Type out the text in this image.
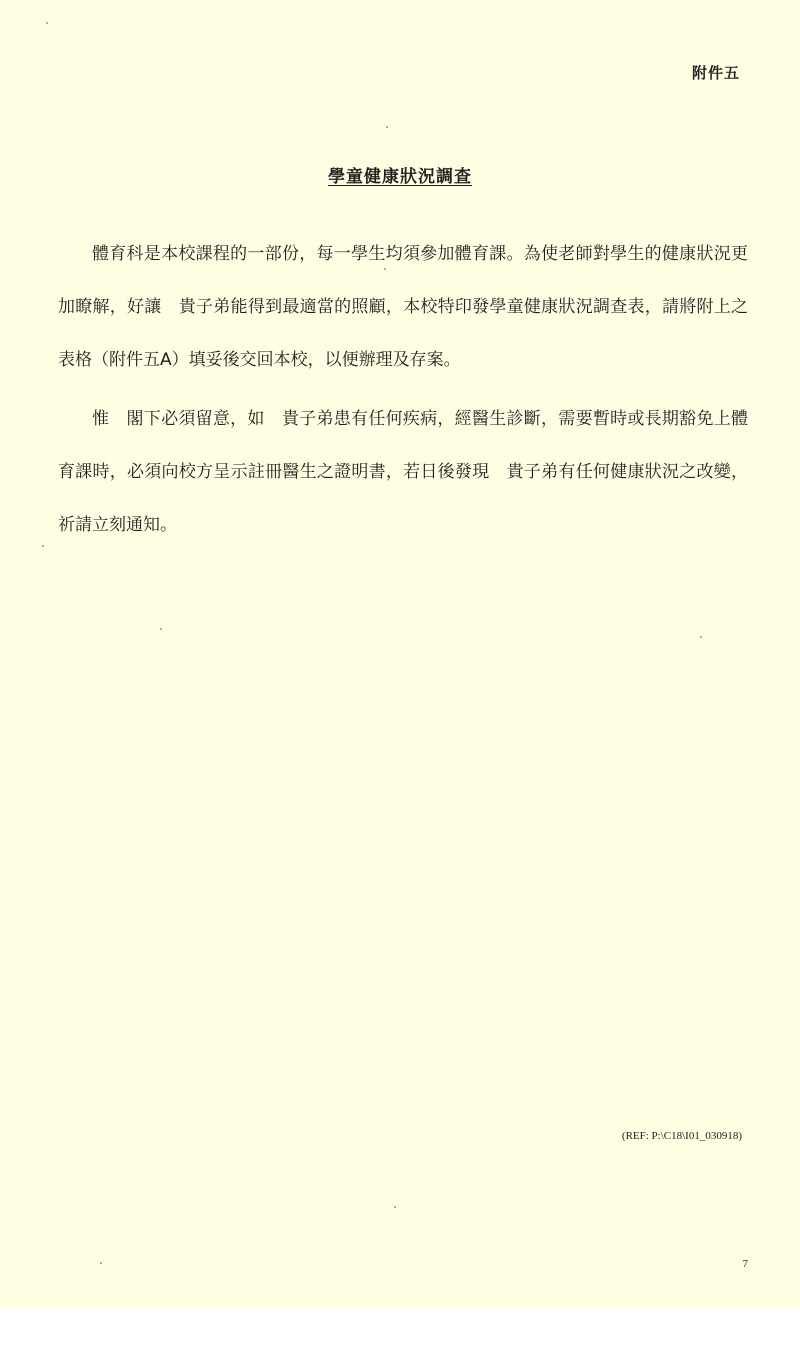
附件五
學童健康狀況調查

體育科是本校課程的一部份，每一學生均須參加體育課。為使老師對學生的健康狀況更加瞭解，好讓　貴子弟能得到最適當的照顧，本校特印發學童健康狀況調查表，請將附上之表格（附件五A）填妥後交回本校，以便辦理及存案。

惟　閣下必須留意，如　貴子弟患有任何疾病，經醫生診斷，需要暫時或長期豁免上體育課時，必須向校方呈示註冊醫生之證明書，若日後發現　貴子弟有任何健康狀況之改變，祈請立刻通知。

(REF: P:\C18\I01_030918)
7
